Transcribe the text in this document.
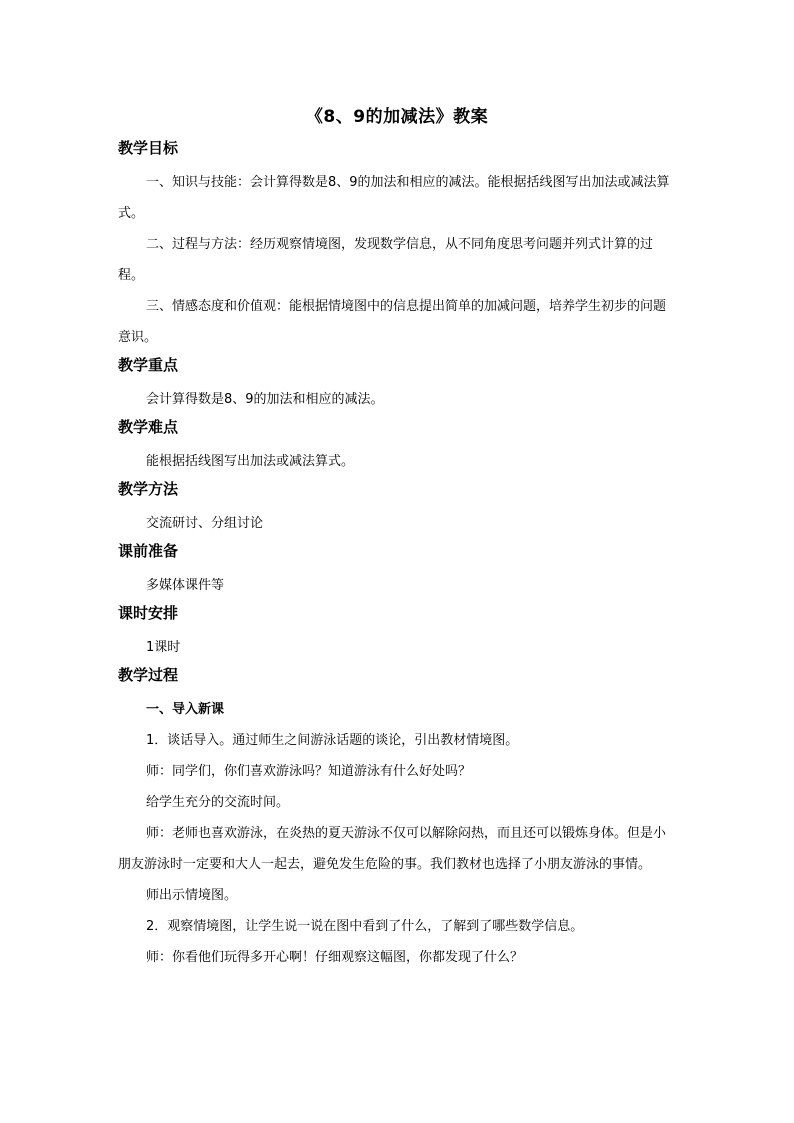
《8、9的加减法》教案
教学目标
一、知识与技能：会计算得数是8、9的加法和相应的减法。能根据括线图写出加法或减法算式。
二、过程与方法：经历观察情境图，发现数学信息，从不同角度思考问题并列式计算的过程。
三、情感态度和价值观：能根据情境图中的信息提出简单的加减问题，培养学生初步的问题意识。
教学重点
会计算得数是8、9的加法和相应的减法。
教学难点
能根据括线图写出加法或减法算式。
教学方法
交流研讨、分组讨论
课前准备
多媒体课件等
课时安排
1课时
教学过程
一、导入新课
1．谈话导入。通过师生之间游泳话题的谈论，引出教材情境图。
师：同学们，你们喜欢游泳吗？知道游泳有什么好处吗？
给学生充分的交流时间。
师：老师也喜欢游泳，在炎热的夏天游泳不仅可以解除闷热，而且还可以锻炼身体。但是小朋友游泳时一定要和大人一起去，避免发生危险的事。我们教材也选择了小朋友游泳的事情。
师出示情境图。
2．观察情境图，让学生说一说在图中看到了什么，了解到了哪些数学信息。
师：你看他们玩得多开心啊！仔细观察这幅图，你都发现了什么？
